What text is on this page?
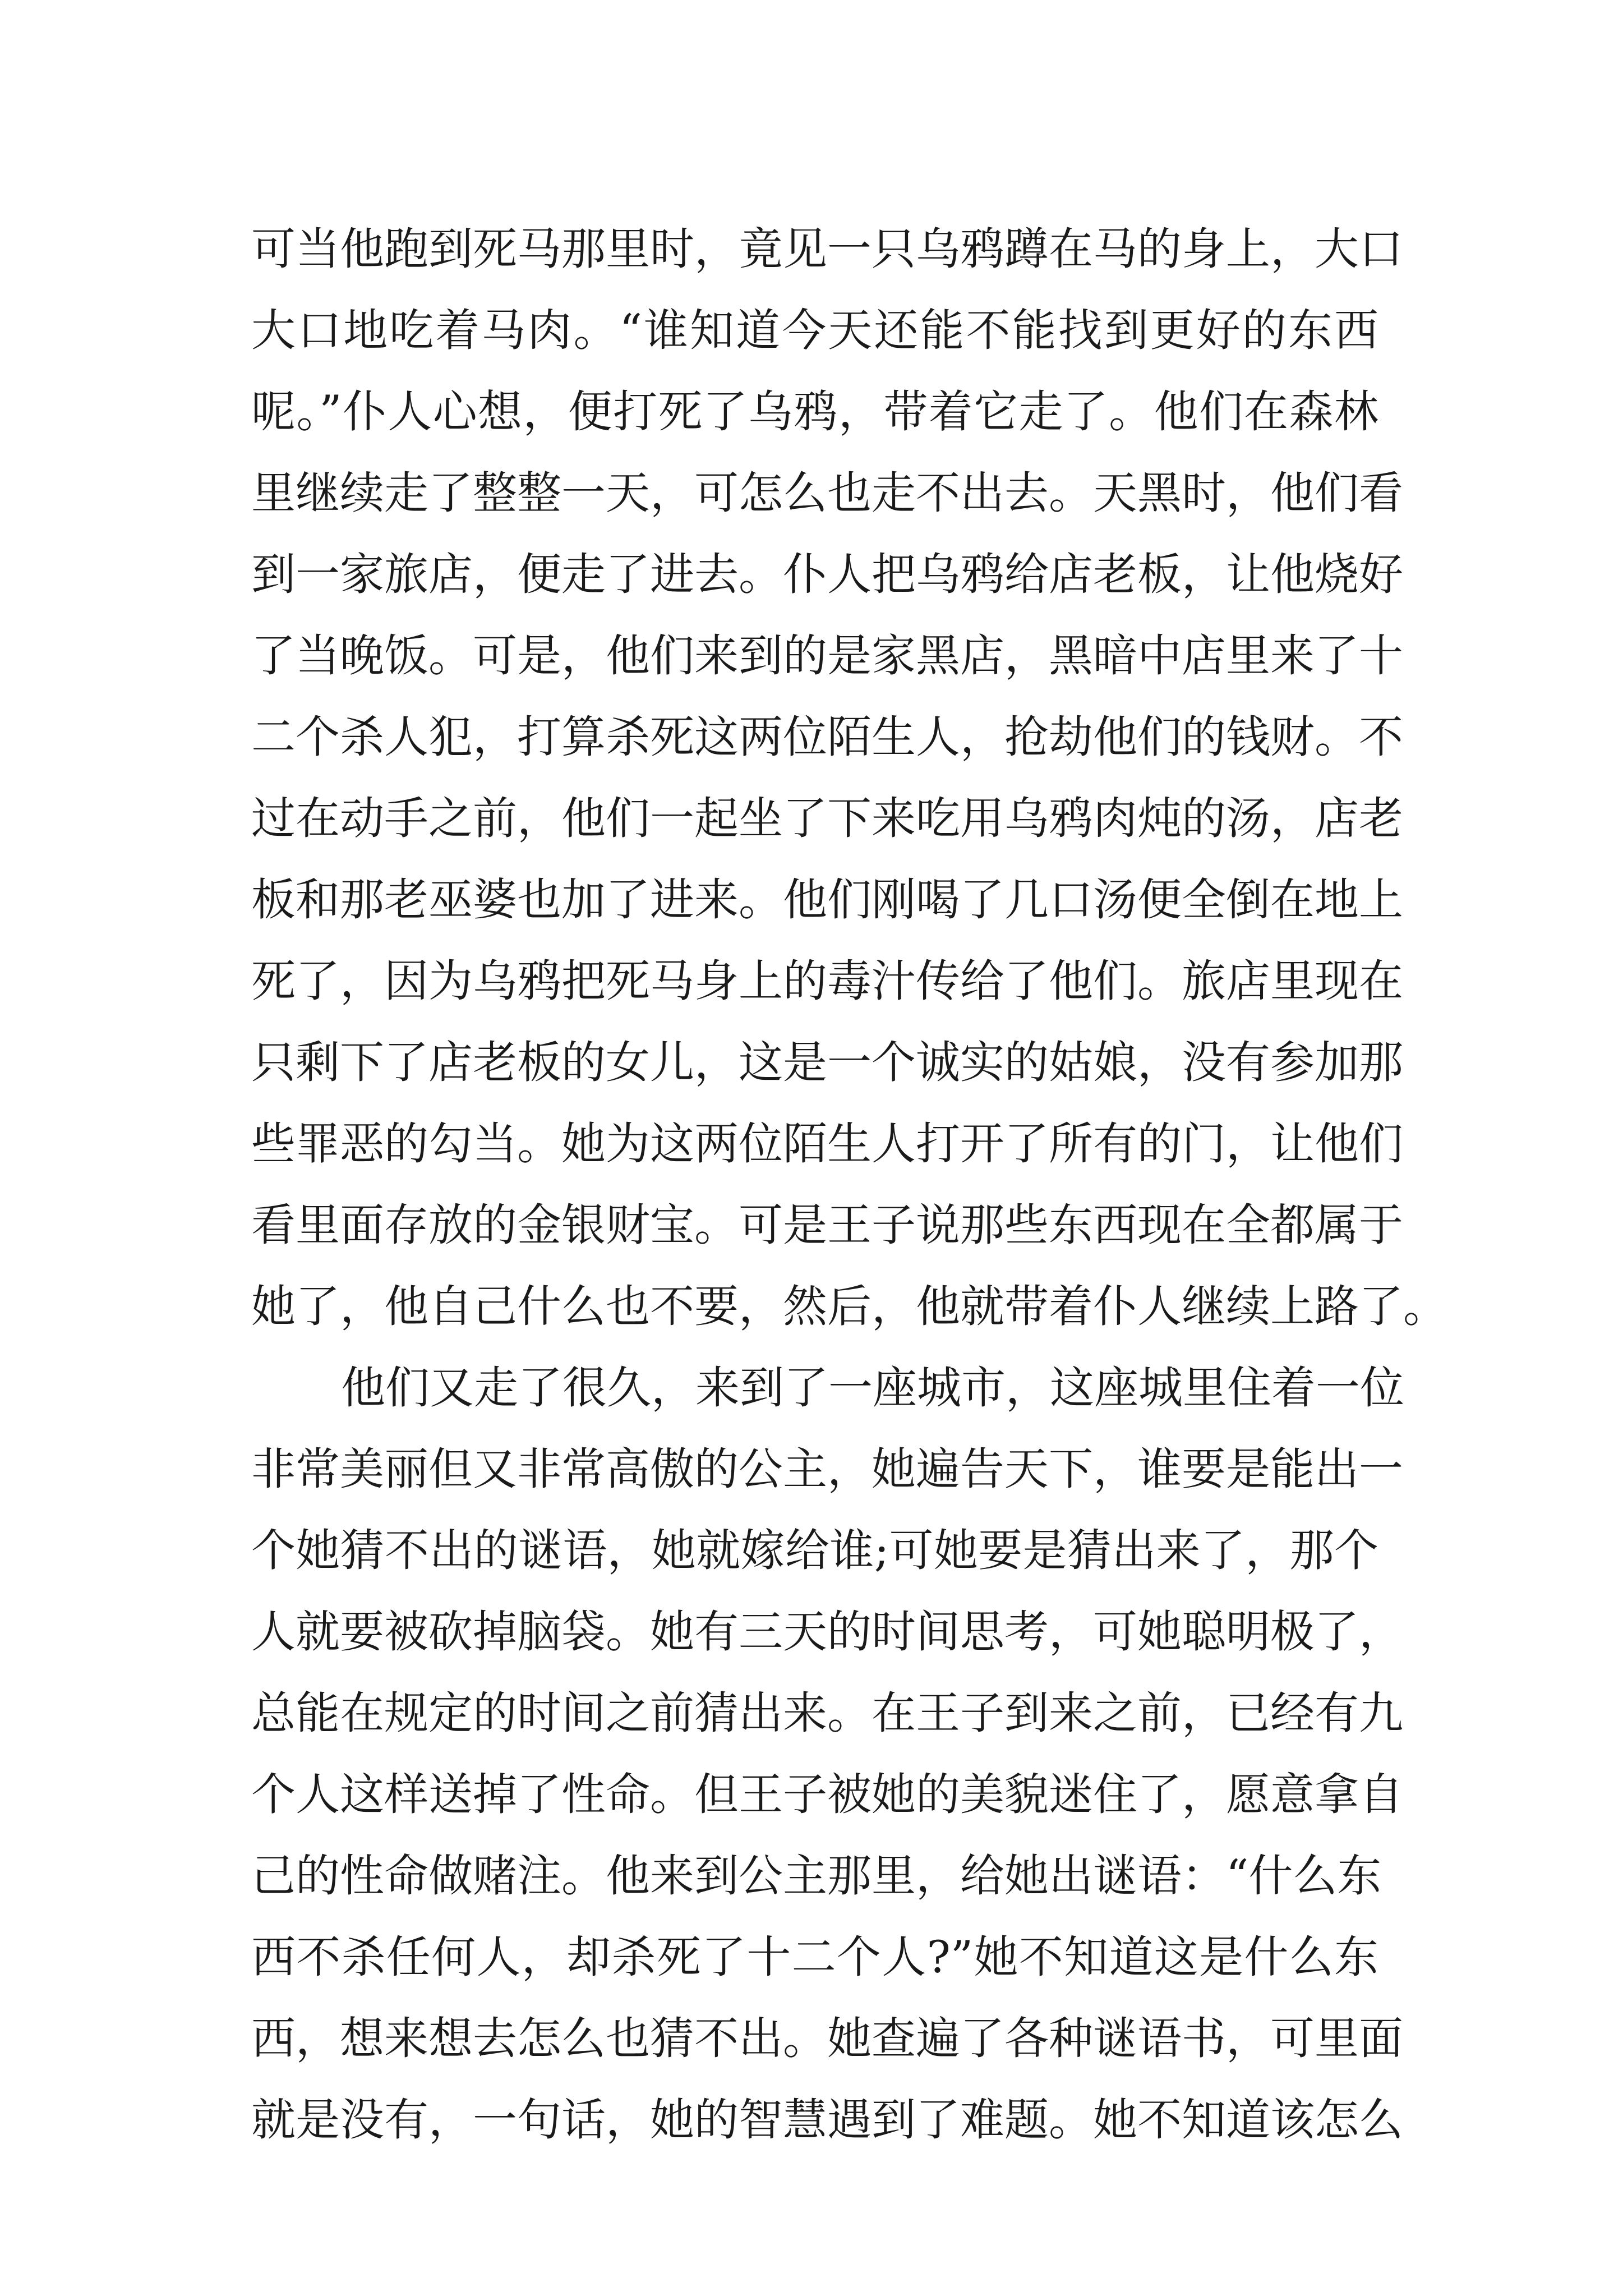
可当他跑到死马那里时，竟见一只乌鸦蹲在马的身上，大口
大口地吃着马肉。“谁知道今天还能不能找到更好的东西
呢。”仆人心想，便打死了乌鸦，带着它走了。他们在森林
里继续走了整整一天，可怎么也走不出去。天黑时，他们看
到一家旅店，便走了进去。仆人把乌鸦给店老板，让他烧好
了当晚饭。可是，他们来到的是家黑店，黑暗中店里来了十
二个杀人犯，打算杀死这两位陌生人，抢劫他们的钱财。不
过在动手之前，他们一起坐了下来吃用乌鸦肉炖的汤，店老
板和那老巫婆也加了进来。他们刚喝了几口汤便全倒在地上
死了，因为乌鸦把死马身上的毒汁传给了他们。旅店里现在
只剩下了店老板的女儿，这是一个诚实的姑娘，没有参加那
些罪恶的勾当。她为这两位陌生人打开了所有的门，让他们
看里面存放的金银财宝。可是王子说那些东西现在全都属于
她了，他自己什么也不要，然后，他就带着仆人继续上路了。
他们又走了很久，来到了一座城市，这座城里住着一位
非常美丽但又非常高傲的公主，她遍告天下，谁要是能出一
个她猜不出的谜语，她就嫁给谁;可她要是猜出来了，那个
人就要被砍掉脑袋。她有三天的时间思考，可她聪明极了，
总能在规定的时间之前猜出来。在王子到来之前，已经有九
个人这样送掉了性命。但王子被她的美貌迷住了，愿意拿自
己的性命做赌注。他来到公主那里，给她出谜语：“什么东
西不杀任何人，却杀死了十二个人?”她不知道这是什么东
西，想来想去怎么也猜不出。她查遍了各种谜语书，可里面
就是没有，一句话，她的智慧遇到了难题。她不知道该怎么
